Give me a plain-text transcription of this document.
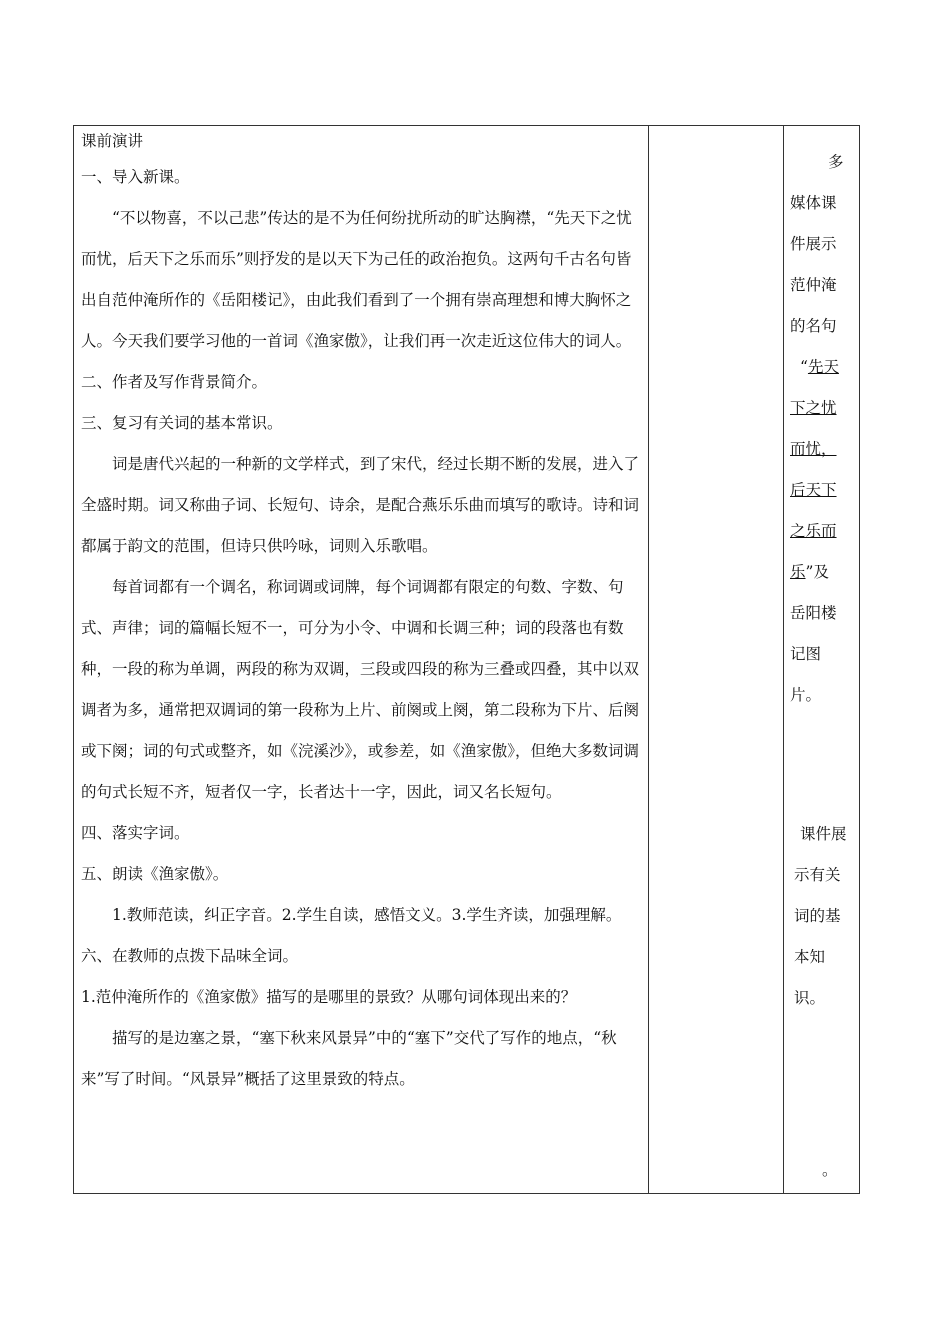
课前演讲

一、导入新课。

“不以物喜，不以己悲”传达的是不为任何纷扰所动的旷达胸襟，“先天下之忧而忧，后天下之乐而乐”则抒发的是以天下为己任的政治抱负。这两句千古名句皆出自范仲淹所作的《岳阳楼记》，由此我们看到了一个拥有崇高理想和博大胸怀之人。今天我们要学习他的一首词《渔家傲》，让我们再一次走近这位伟大的词人。

二、作者及写作背景简介。

三、复习有关词的基本常识。

词是唐代兴起的一种新的文学样式，到了宋代，经过长期不断的发展，进入了全盛时期。词又称曲子词、长短句、诗余，是配合燕乐乐曲而填写的歌诗。诗和词都属于韵文的范围，但诗只供吟咏，词则入乐歌唱。

每首词都有一个调名，称词调或词牌，每个词调都有限定的句数、字数、句式、声律；词的篇幅长短不一，可分为小令、中调和长调三种；词的段落也有数种，一段的称为单调，两段的称为双调，三段或四段的称为三叠或四叠，其中以双调者为多，通常把双调词的第一段称为上片、前阕或上阕，第二段称为下片、后阕或下阕；词的句式或整齐，如《浣溪沙》，或参差，如《渔家傲》，但绝大多数词调的句式长短不齐，短者仅一字，长者达十一字，因此，词又名长短句。

四、落实字词。

五、朗读《渔家傲》。

1.教师范读，纠正字音。2.学生自读，感悟文义。3.学生齐读，加强理解。

六、在教师的点拨下品味全词。

1.范仲淹所作的《渔家傲》描写的是哪里的景致？从哪句词体现出来的？

描写的是边塞之景，“塞下秋来风景异”中的“塞下”交代了写作的地点，“秋来”写了时间。“风景异”概括了这里景致的特点。

多

媒体课

件展示

范仲淹

的名句

“先天

下之忧

而忧，

后天下

之乐而

乐”及

岳阳楼

记图

片。

课件展

示有关

词的基

本知

识。

。
